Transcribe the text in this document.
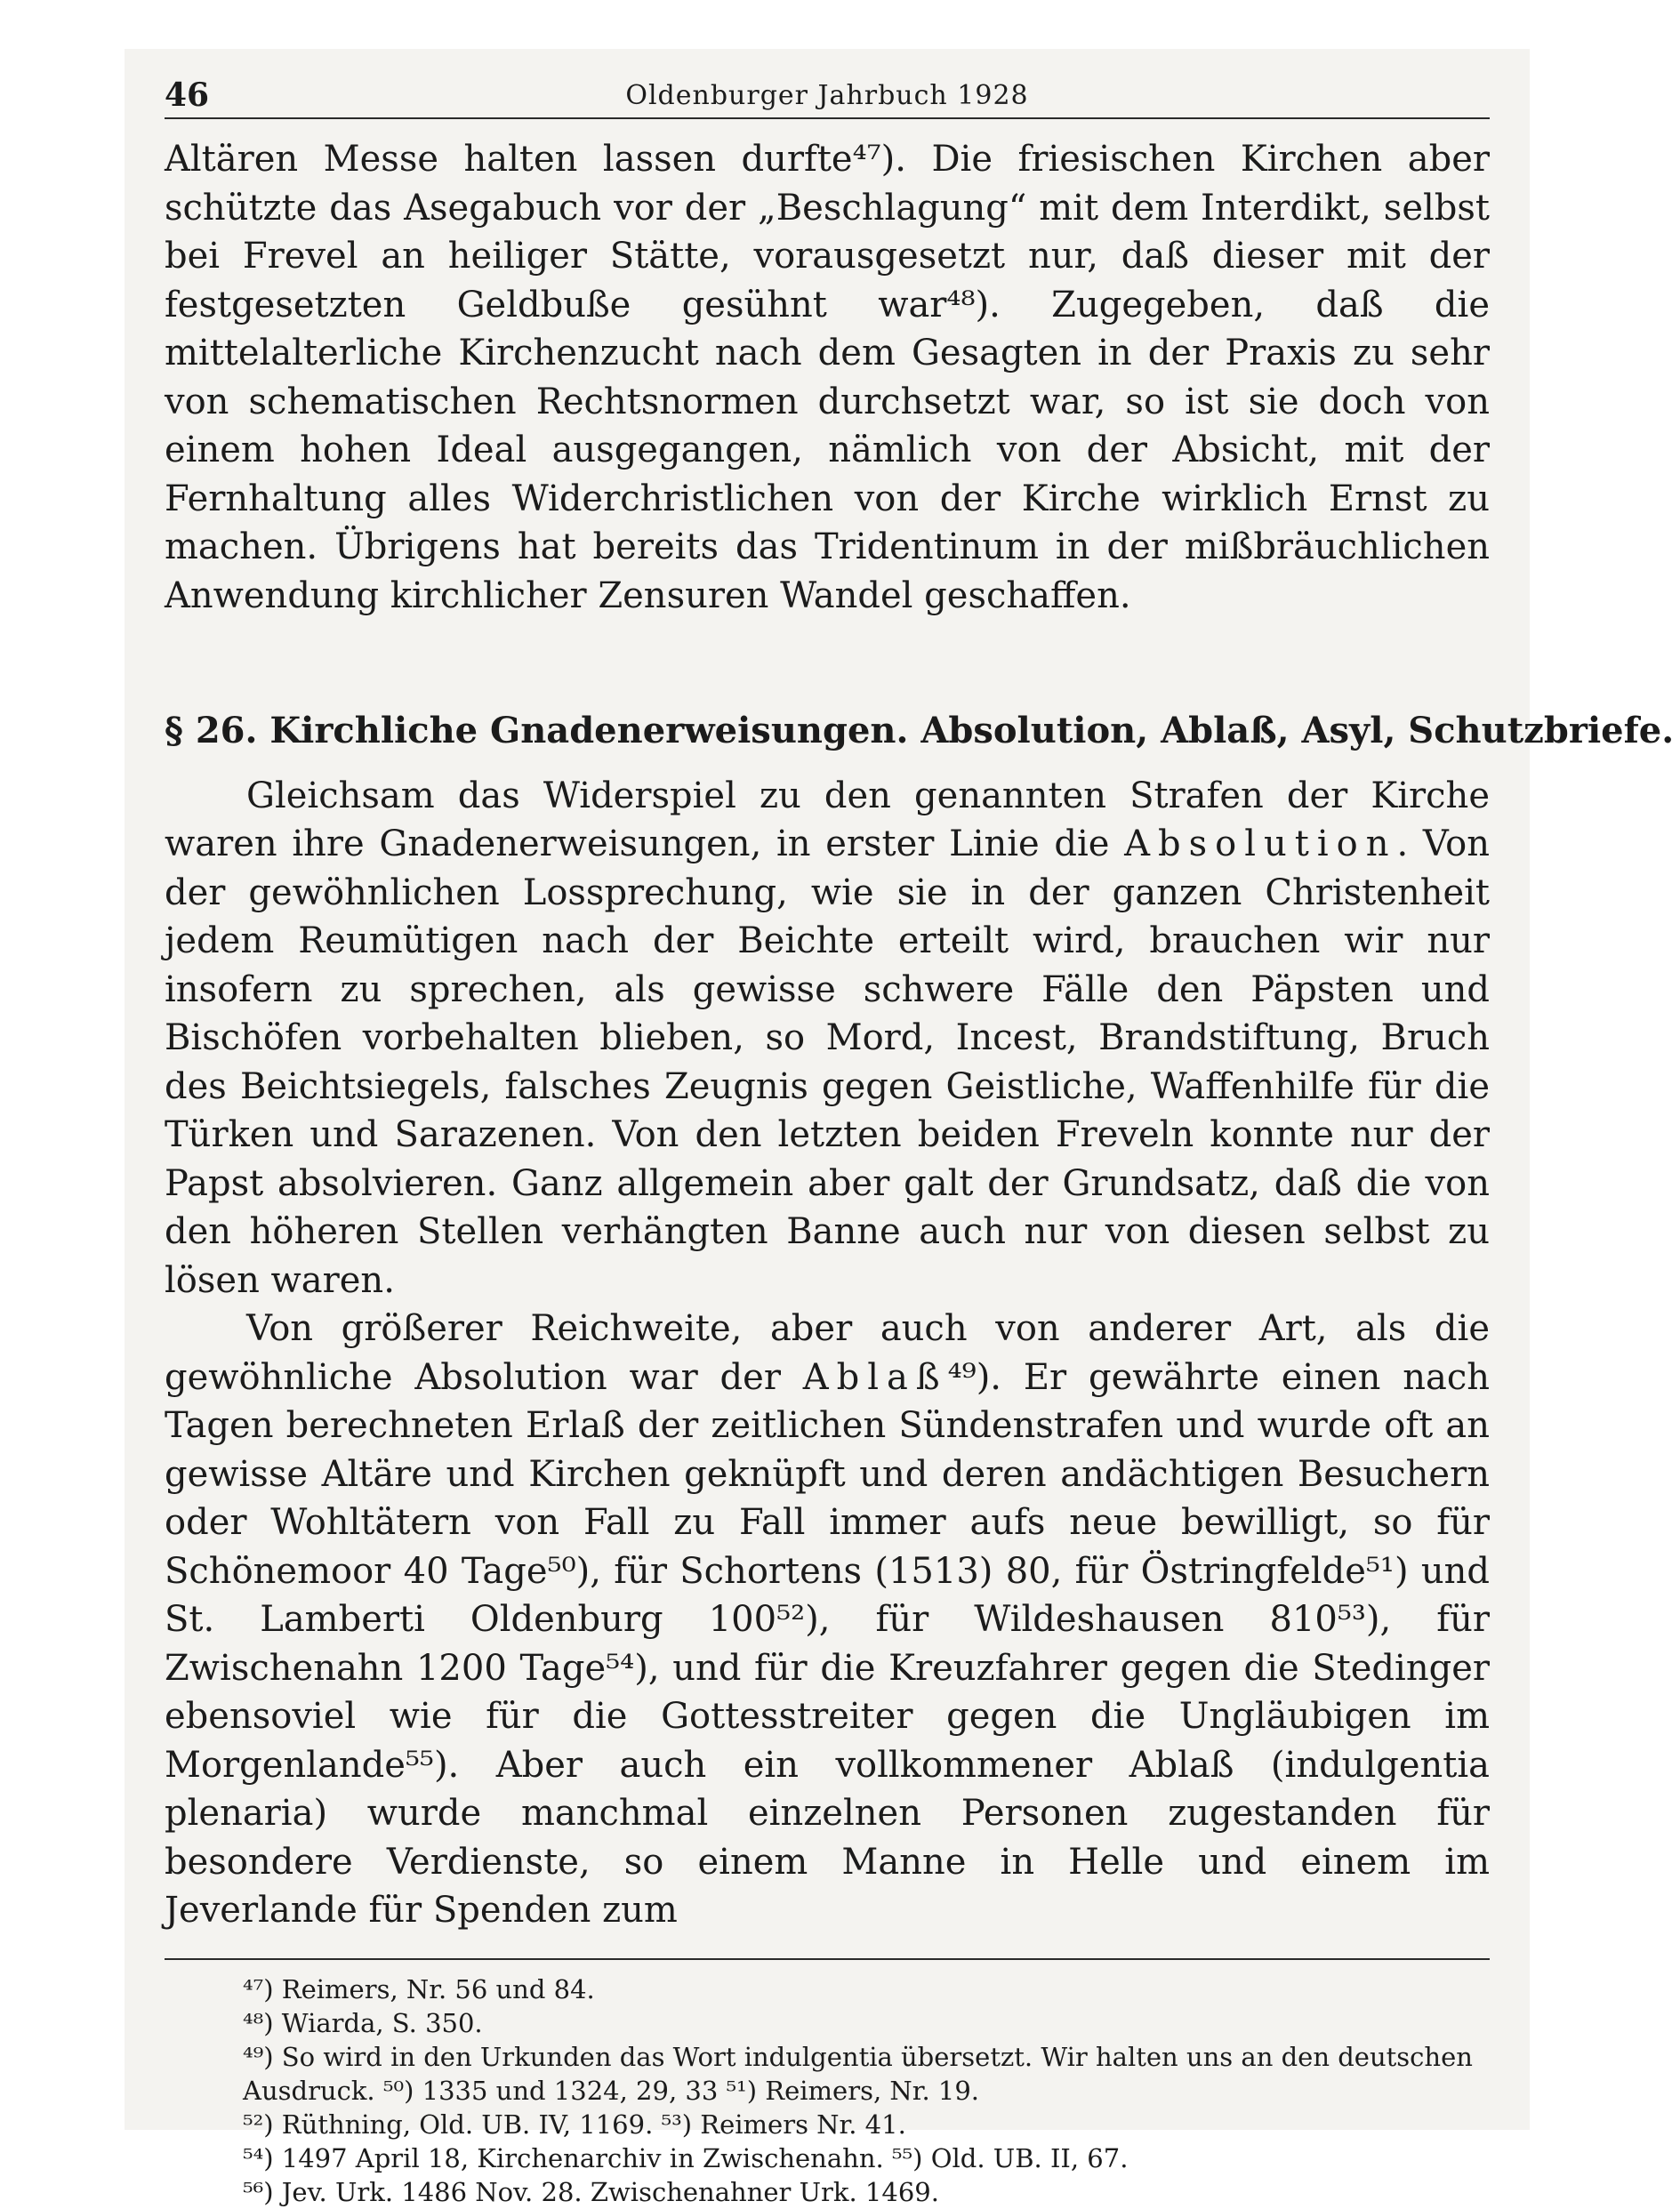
46	Oldenburger Jahrbuch 1928

Altären Messe halten lassen durfte⁴⁷). Die friesischen Kirchen aber schützte das Asegabuch vor der „Beschlagung“ mit dem Interdikt, selbst bei Frevel an heiliger Stätte, vorausgesetzt nur, daß dieser mit der festgesetzten Geldbuße gesühnt war⁴⁸). Zugegeben, daß die mittelalterliche Kirchenzucht nach dem Gesagten in der Praxis zu sehr von schematischen Rechtsnormen durchsetzt war, so ist sie doch von einem hohen Ideal ausgegangen, nämlich von der Absicht, mit der Fernhaltung alles Widerchristlichen von der Kirche wirklich Ernst zu machen. Übrigens hat bereits das Tridentinum in der mißbräuchlichen Anwendung kirchlicher Zensuren Wandel geschaffen.

§ 26. Kirchliche Gnadenerweisungen. Absolution, Ablaß, Asyl, Schutzbriefe.

Gleichsam das Widerspiel zu den genannten Strafen der Kirche waren ihre Gnadenerweisungen, in erster Linie die Absolution. Von der gewöhnlichen Lossprechung, wie sie in der ganzen Christenheit jedem Reumütigen nach der Beichte erteilt wird, brauchen wir nur insofern zu sprechen, als gewisse schwere Fälle den Päpsten und Bischöfen vorbehalten blieben, so Mord, Incest, Brandstiftung, Bruch des Beichtsiegels, falsches Zeugnis gegen Geistliche, Waffenhilfe für die Türken und Sarazenen. Von den letzten beiden Freveln konnte nur der Papst absolvieren. Ganz allgemein aber galt der Grundsatz, daß die von den höheren Stellen verhängten Banne auch nur von diesen selbst zu lösen waren.

Von größerer Reichweite, aber auch von anderer Art, als die gewöhnliche Absolution war der Ablaß⁴⁹). Er gewährte einen nach Tagen berechneten Erlaß der zeitlichen Sündenstrafen und wurde oft an gewisse Altäre und Kirchen geknüpft und deren andächtigen Besuchern oder Wohltätern von Fall zu Fall immer aufs neue bewilligt, so für Schönemoor 40 Tage⁵⁰), für Schortens (1513) 80, für Östringfelde⁵¹) und St. Lamberti Oldenburg 100⁵²), für Wildeshausen 810⁵³), für Zwischenahn 1200 Tage⁵⁴), und für die Kreuzfahrer gegen die Stedinger ebensoviel wie für die Gottesstreiter gegen die Ungläubigen im Morgenlande⁵⁵). Aber auch ein vollkommener Ablaß (indulgentia plenaria) wurde manchmal einzelnen Personen zugestanden für besondere Verdienste, so einem Manne in Helle und einem im Jeverlande für Spenden zum

⁴⁷) Reimers, Nr. 56 und 84.

⁴⁸) Wiarda, S. 350.

⁴⁹) So wird in den Urkunden das Wort indulgentia übersetzt. Wir halten uns an den deutschen Ausdruck. ⁵⁰) 1335 und 1324, 29, 33 ⁵¹) Reimers, Nr. 19.

⁵²) Rüthning, Old. UB. IV, 1169. ⁵³) Reimers Nr. 41.

⁵⁴) 1497 April 18, Kirchenarchiv in Zwischenahn. ⁵⁵) Old. UB. II, 67.

⁵⁶) Jev. Urk. 1486 Nov. 28. Zwischenahner Urk. 1469.
